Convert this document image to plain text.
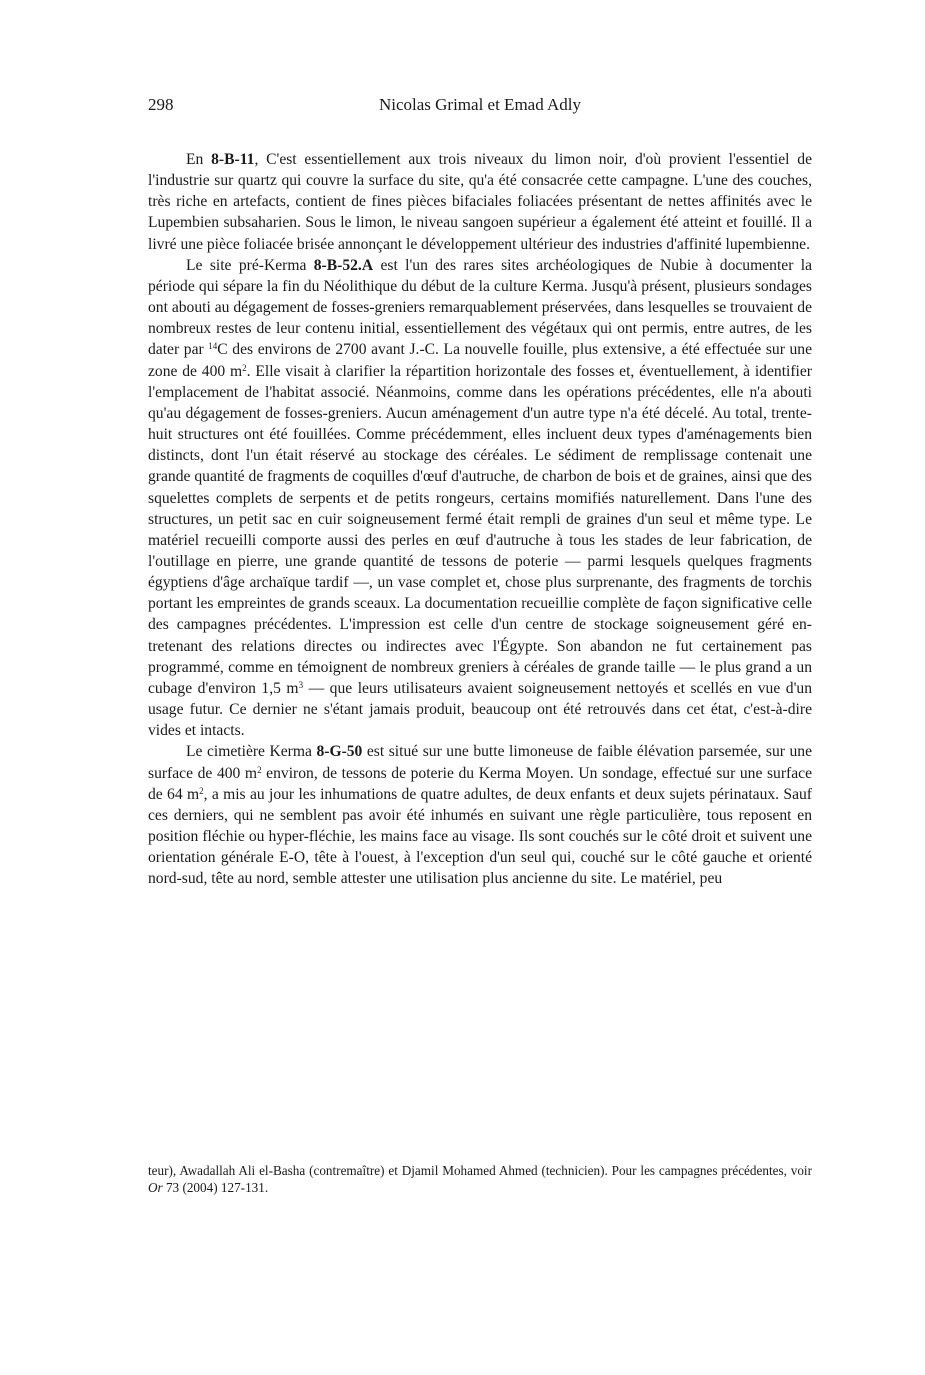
298	Nicolas Grimal et Emad Adly

En 8-B-11, C'est essentiellement aux trois niveaux du limon noir, d'où provient l'essentiel de l'industrie sur quartz qui couvre la surface du site, qu'a été consacrée cette campagne. L'une des couches, très riche en artefacts, contient de fines pièces bifaciales foliacées présentant de nettes affinités avec le Lupembien subsaharien. Sous le limon, le niveau sangoen supérieur a également été atteint et fouillé. Il a livré une pièce foliacée brisée annonçant le développement ultérieur des industries d'affinité lupembienne.

Le site pré-Kerma 8-B-52.A est l'un des rares sites archéologiques de Nubie à documenter la période qui sépare la fin du Néolithique du début de la culture Kerma. Jusqu'à présent, plusieurs sondages ont abouti au dégagement de fosses-greniers remarquablement préservées, dans lesquelles se trouvaient de nombreux restes de leur contenu initial, essentiellement des végétaux qui ont permis, entre autres, de les dater par $^{14}$C des environs de 2700 avant J.-C. La nouvelle fouille, plus extensive, a été effectuée sur une zone de 400 $m^2$. Elle visait à clarifier la répartition horizontale des fosses et, éventuellement, à identifier l'emplacement de l'habitat associé. Néanmoins, comme dans les opérations précédentes, elle n'a abouti qu'au dégagement de fosses-greniers. Aucun aménagement d'un autre type n'a été décelé. Au total, trente-huit structures ont été fouillées. Comme précédemment, elles incluent deux types d'aménagements bien distincts, dont l'un était réservé au stockage des céréales. Le sédiment de remplissage contenait une grande quantité de fragments de coquilles d'œuf d'autruche, de charbon de bois et de graines, ainsi que des squelettes complets de serpents et de petits rongeurs, certains momifiés naturellement. Dans l'une des structures, un petit sac en cuir soigneusement fermé était rempli de graines d'un seul et même type. Le matériel recueilli comporte aussi des perles en œuf d'autruche à tous les stades de leur fabrication, de l'outillage en pierre, une grande quantité de tessons de poterie — parmi lesquels quelques fragments égyptiens d'âge archaïque tardif —, un vase complet et, chose plus surprenante, des fragments de torchis portant les empreintes de grands sceaux. La documentation recueillie complète de façon significative celle des campagnes précédentes. L'impression est celle d'un centre de stockage soigneusement géré entretenant des relations directes ou indirectes avec l'Égypte. Son abandon ne fut certainement pas programmé, comme en témoignent de nombreux greniers à céréales de grande taille — le plus grand a un cubage d'environ 1,5 $m^3$ — que leurs utilisateurs avaient soigneusement nettoyés et scellés en vue d'un usage futur. Ce dernier ne s'étant jamais produit, beaucoup ont été retrouvés dans cet état, c'est-à-dire vides et intacts.

Le cimetière Kerma 8-G-50 est situé sur une butte limoneuse de faible élévation parsemée, sur une surface de 400 $m^2$ environ, de tessons de poterie du Kerma Moyen. Un sondage, effectué sur une surface de 64 $m^2$, a mis au jour les inhumations de quatre adultes, de deux enfants et deux sujets périnataux. Sauf ces derniers, qui ne semblent pas avoir été inhumés en suivant une règle particulière, tous reposent en position fléchie ou hyper-fléchie, les mains face au visage. Ils sont couchés sur le côté droit et suivent une orientation générale E-O, tête à l'ouest, à l'exception d'un seul qui, couché sur le côté gauche et orienté nord-sud, tête au nord, semble attester une utilisation plus ancienne du site. Le matériel, peu

teur), Awadallah Ali el-Basha (contremaître) et Djamil Mohamed Ahmed (technicien). Pour les campagnes précédentes, voir Or 73 (2004) 127-131.
